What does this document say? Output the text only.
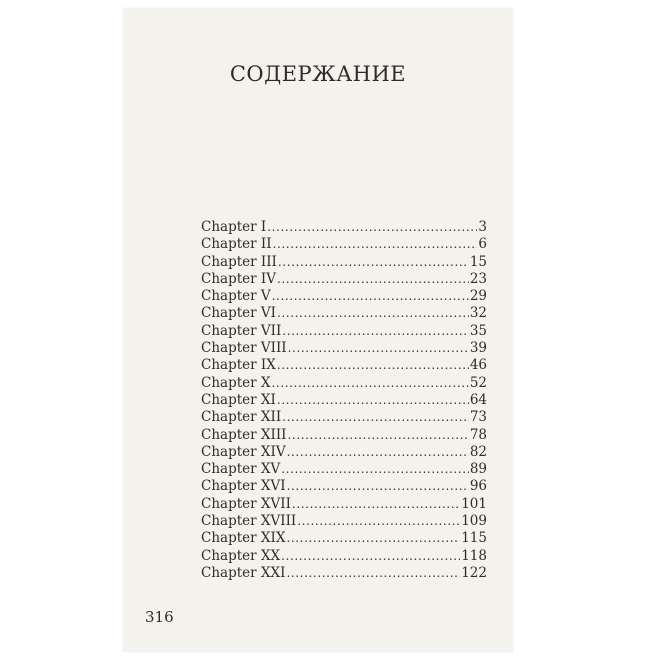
СОДЕРЖАНИЕ
Chapter I .....	3
Chapter II .....	6
Chapter III .....	15
Chapter IV .....	23
Chapter V .....	29
Chapter VI .....	32
Chapter VII .....	35
Chapter VIII .....	39
Chapter IX .....	46
Chapter X .....	52
Chapter XI .....	64
Chapter XII .....	73
Chapter XIII .....	78
Chapter XIV .....	82
Chapter XV .....	89
Chapter XVI .....	96
Chapter XVII .....	101
Chapter XVIII .....	109
Chapter XIX .....	115
Chapter XX .....	118
Chapter XXI .....	122
316
